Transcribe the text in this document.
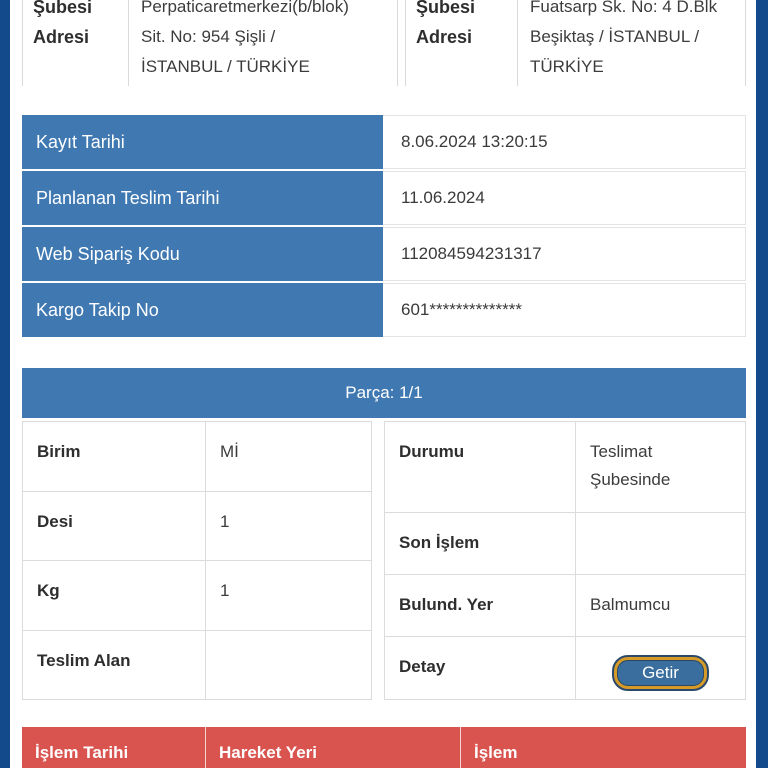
Şubesi Adresi
Perpaticaretmerkezi(b/blok)
Sit. No: 954 Şişli /
İSTANBUL / TÜRKİYE
Şubesi Adresi
Fuatsarp Sk. No: 4 D.Blk
Beşiktaş / İSTANBUL /
TÜRKİYE
Kayıt Tarihi	8.06.2024 13:20:15
Planlanan Teslim Tarihi	11.06.2024
Web Sipariş Kodu	112084594231317
Kargo Takip No	601**************
Parça: 1/1
Birim	Mİ
Desi	1
Kg	1
Teslim Alan	
Durumu	Teslimat Şubesinde
Son İşlem	
Bulund. Yer	Balmumcu
Detay	Getir
İşlem Tarihi	Hareket Yeri	İşlem
